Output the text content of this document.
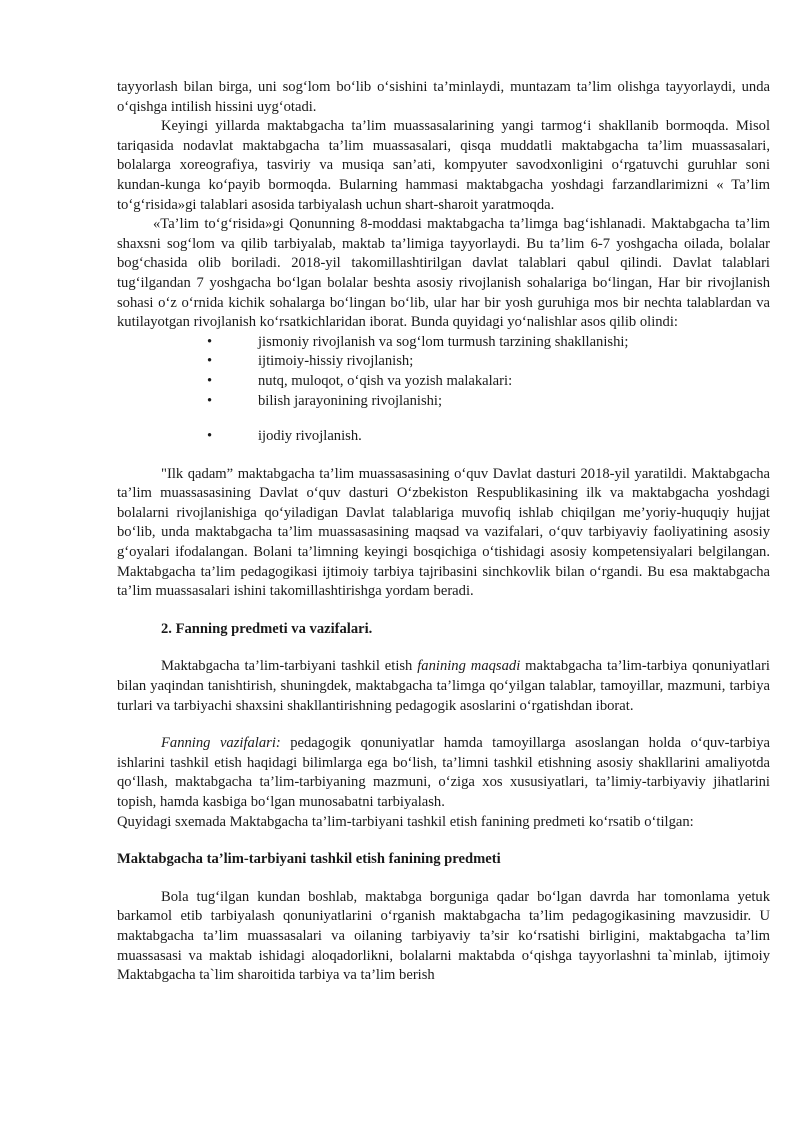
tayyorlash bilan birga, uni sog‘lom bo‘lib o‘sishini ta’minlaydi, muntazam ta’lim olishga tayyorlaydi, unda o‘qishga intilish hissini uyg‘otadi.

Keyingi yillarda maktabgacha ta’lim muassasalarining yangi tarmog‘i shakllanib bormoqda. Misol tariqasida nodavlat maktabgacha ta’lim muassasalari, qisqa muddatli maktabgacha ta’lim muassasalari, bolalarga xoreografiya, tasviriy va musiqa san’ati, kompyuter savodxonligini o‘rgatuvchi guruhlar soni kundan-kunga ko‘payib bormoqda. Bularning hammasi maktabgacha yoshdagi farzandlarimizni « Ta’lim to‘g‘risida»gi talablari asosida tarbiyalash uchun shart-sharoit yaratmoqda.

«Ta’lim to‘g‘risida»gi Qonunning 8-moddasi maktabgacha ta’limga bag‘ishlanadi. Maktabgacha ta’lim shaxsni sog‘lom va qilib tarbiyalab, maktab ta’limiga tayyorlaydi. Bu ta’lim 6-7 yoshgacha oilada, bolalar bog‘chasida olib boriladi. 2018-yil takomillashtirilgan davlat talablari qabul qilindi. Davlat talablari tug‘ilgandan 7 yoshgacha bo‘lgan bolalar beshta asosiy rivojlanish sohalariga bo‘lingan, Har bir rivojlanish sohasi o‘z o‘rnida kichik sohalarga bo‘lingan bo‘lib, ular har bir yosh guruhiga mos bir nechta talablardan va kutilayotgan rivojlanish ko‘rsatkichlaridan iborat. Bunda quyidagi yo‘nalishlar asos qilib olindi:

•	jismoniy rivojlanish va sog‘lom turmush tarzining shakllanishi;
•	ijtimoiy-hissiy rivojlanish;
•	nutq, muloqot, o‘qish va yozish malakalari:
•	bilish jarayonining rivojlanishi;
•	ijodiy rivojlanish.

"Ilk qadam” maktabgacha ta’lim muassasasining o‘quv Davlat dasturi 2018-yil yaratildi. Maktabgacha ta’lim muassasasining Davlat o‘quv dasturi O‘zbekiston Respublikasining ilk va maktabgacha yoshdagi bolalarni rivojlanishiga qo‘yiladigan Davlat talablariga muvofiq ishlab chiqilgan me’yoriy-huquqiy hujjat bo‘lib, unda maktabgacha ta’lim muassasasining maqsad va vazifalari, o‘quv tarbiyaviy faoliyatining asosiy g‘oyalari ifodalangan. Bolani ta’limning keyingi bosqichiga o‘tishidagi asosiy kompetensiyalari belgilangan. Maktabgacha ta’lim pedagogikasi ijtimoiy tarbiya tajribasini sinchkovlik bilan o‘rgandi. Bu esa maktabgacha ta’lim muassasalari ishini takomillashtirishga yordam beradi.

2. Fanning predmeti va vazifalari.

Maktabgacha ta’lim-tarbiyani tashkil etish fanining maqsadi maktabgacha ta’lim-tarbiya qonuniyatlari bilan yaqindan tanishtirish, shuningdek, maktabgacha ta’limga qo‘yilgan talablar, tamoyillar, mazmuni, tarbiya turlari va tarbiyachi shaxsini shakllantirishning pedagogik asoslarini o‘rgatishdan iborat.

Fanning vazifalari: pedagogik qonuniyatlar hamda tamoyillarga asoslangan holda o‘quv-tarbiya ishlarini tashkil etish haqidagi bilimlarga ega bo‘lish, ta’limni tashkil etishning asosiy shakllarini amaliyotda qo‘llash, maktabgacha ta’lim-tarbiyaning mazmuni, o‘ziga xos xususiyatlari, ta’limiy-tarbiyaviy jihatlarini topish, hamda kasbiga bo‘lgan munosabatni tarbiyalash.

Quyidagi sxemada Maktabgacha ta’lim-tarbiyani tashkil etish fanining predmeti ko‘rsatib o‘tilgan:

Maktabgacha ta’lim-tarbiyani tashkil etish fanining predmeti

Bola tug‘ilgan kundan boshlab, maktabga borguniga qadar bo‘lgan davrda har tomonlama yetuk barkamol etib tarbiyalash qonuniyatlarini o‘rganish maktabgacha ta’lim pedagogikasining mavzusidir. U maktabgacha ta’lim muassasalari va oilaning tarbiyaviy ta’sir ko‘rsatishi birligini, maktabgacha ta’lim muassasasi va maktab ishidagi aloqadorlikni, bolalarni maktabda o‘qishga tayyorlashni ta`minlab, ijtimoiy Maktabgacha ta`lim sharoitida tarbiya va ta’lim berish
